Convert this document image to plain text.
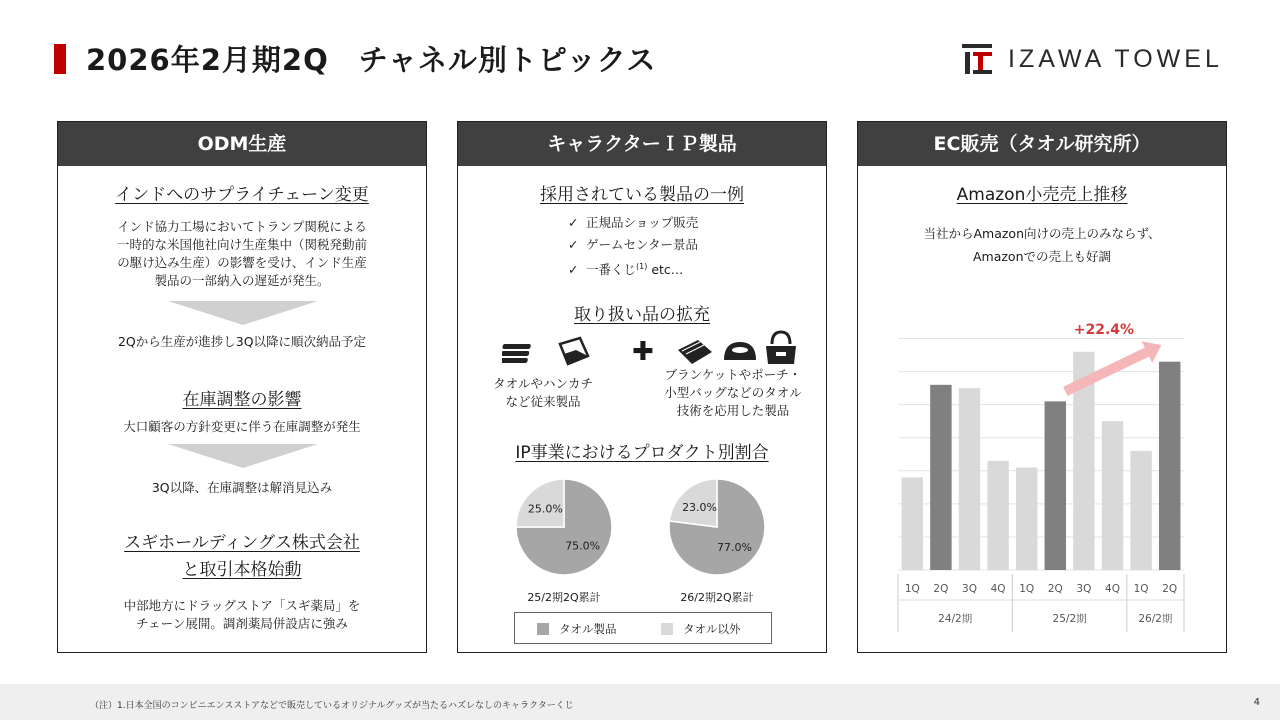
2026年2月期2Q　チャネル別トピックス	IZAWA TOWEL
ODM生産
インドへのサプライチェーン変更
インド協力工場においてトランプ関税による
一時的な米国他社向け生産集中（関税発動前
の駆け込み生産）の影響を受け、インド生産
製品の一部納入の遅延が発生。
2Qから生産が進捗し3Q以降に順次納品予定
在庫調整の影響
大口顧客の方針変更に伴う在庫調整が発生
3Q以降、在庫調整は解消見込み
スギホールディングス株式会社
と取引本格始動
中部地方にドラッグストア「スギ薬局」を
チェーン展開。調剤薬局併設店に強み
キャラクターＩＰ製品
採用されている製品の一例
✓ 正規品ショップ販売
✓ ゲームセンター景品
✓ 一番くじ$^{(1)}$ etc…
取り扱い品の拡充
✚
タオルやハンカチ
など従来製品
ブランケットやポーチ・
小型バッグなどのタオル
技術を応用した製品
IP事業におけるプロダクト別割合
75.0%
25.0%
77.0%
23.0%
25/2期2Q累計	26/2期2Q累計
タオル製品	タオル以外
EC販売（タオル研究所）
Amazon小売売上推移
当社からAmazon向けの売上のみならず、
Amazonでの売上も好調
1Q 2Q 3Q 4Q 1Q 2Q 3Q 4Q 1Q 2Q
24/2期	25/2期	26/2期
+22.4%
（注）1.日本全国のコンビニエンスストアなどで販売しているオリジナルグッズが当たるハズレなしのキャラクターくじ	4
